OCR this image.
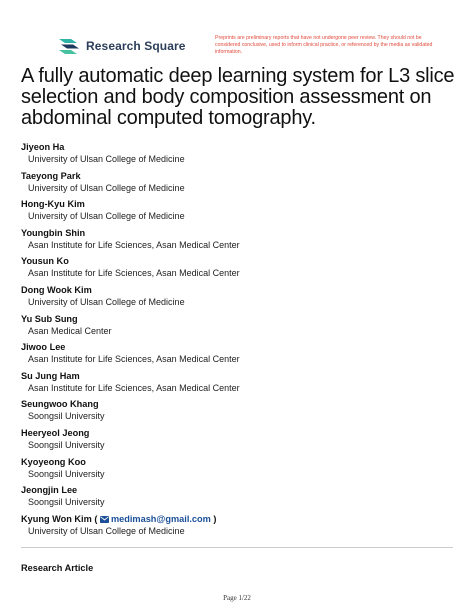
Research Square
Preprints are preliminary reports that have not undergone peer review. They should not be considered conclusive, used to inform clinical practice, or referenced by the media as validated information.
A fully automatic deep learning system for L3 slice selection and body composition assessment on abdominal computed tomography.
Jiyeon Ha
University of Ulsan College of Medicine
Taeyong Park
University of Ulsan College of Medicine
Hong-Kyu Kim
University of Ulsan College of Medicine
Youngbin Shin
Asan Institute for Life Sciences, Asan Medical Center
Yousun Ko
Asan Institute for Life Sciences, Asan Medical Center
Dong Wook Kim
University of Ulsan College of Medicine
Yu Sub Sung
Asan Medical Center
Jiwoo Lee
Asan Institute for Life Sciences, Asan Medical Center
Su Jung Ham
Asan Institute for Life Sciences, Asan Medical Center
Seungwoo Khang
Soongsil University
Heeryeol Jeong
Soongsil University
Kyoyeong Koo
Soongsil University
Jeongjin Lee
Soongsil University
Kyung Won Kim ( medimash@gmail.com )
University of Ulsan College of Medicine
Research Article
Page 1/22
